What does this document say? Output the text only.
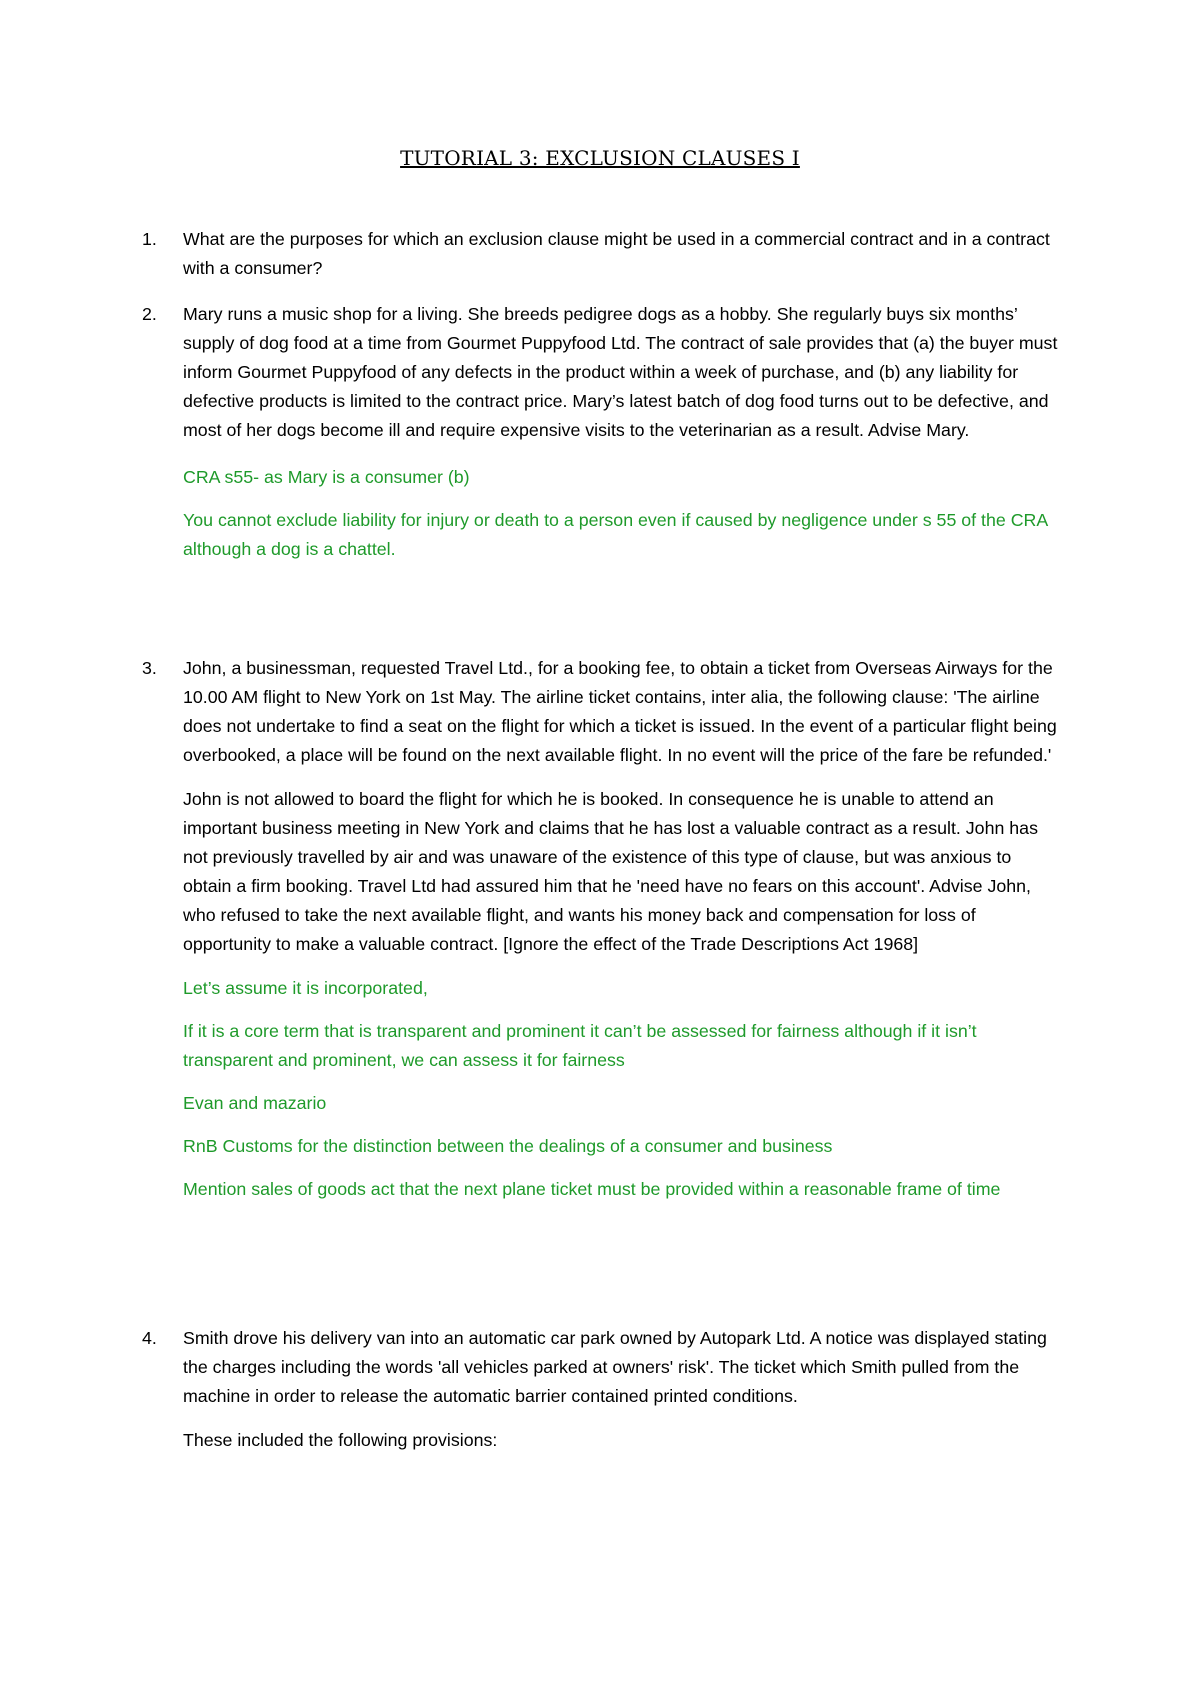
TUTORIAL 3: EXCLUSION CLAUSES I
1. What are the purposes for which an exclusion clause might be used in a commercial contract and in a contract with a consumer?

2. Mary runs a music shop for a living. She breeds pedigree dogs as a hobby. She regularly buys six months’ supply of dog food at a time from Gourmet Puppyfood Ltd. The contract of sale provides that (a) the buyer must inform Gourmet Puppyfood of any defects in the product within a week of purchase, and (b) any liability for defective products is limited to the contract price. Mary’s latest batch of dog food turns out to be defective, and most of her dogs become ill and require expensive visits to the veterinarian as a result. Advise Mary.

CRA s55- as Mary is a consumer (b)

You cannot exclude liability for injury or death to a person even if caused by negligence under s 55 of the CRA although a dog is a chattel.

3. John, a businessman, requested Travel Ltd., for a booking fee, to obtain a ticket from Overseas Airways for the 10.00 AM flight to New York on 1st May. The airline ticket contains, inter alia, the following clause: 'The airline does not undertake to find a seat on the flight for which a ticket is issued. In the event of a particular flight being overbooked, a place will be found on the next available flight. In no event will the price of the fare be refunded.'

John is not allowed to board the flight for which he is booked. In consequence he is unable to attend an important business meeting in New York and claims that he has lost a valuable contract as a result. John has not previously travelled by air and was unaware of the existence of this type of clause, but was anxious to obtain a firm booking. Travel Ltd had assured him that he 'need have no fears on this account'. Advise John, who refused to take the next available flight, and wants his money back and compensation for loss of opportunity to make a valuable contract. [Ignore the effect of the Trade Descriptions Act 1968]

Let’s assume it is incorporated,

If it is a core term that is transparent and prominent it can’t be assessed for fairness although if it isn’t transparent and prominent, we can assess it for fairness

Evan and mazario

RnB Customs for the distinction between the dealings of a consumer and business

Mention sales of goods act that the next plane ticket must be provided within a reasonable frame of time

4. Smith drove his delivery van into an automatic car park owned by Autopark Ltd. A notice was displayed stating the charges including the words 'all vehicles parked at owners' risk'. The ticket which Smith pulled from the machine in order to release the automatic barrier contained printed conditions.

These included the following provisions:
